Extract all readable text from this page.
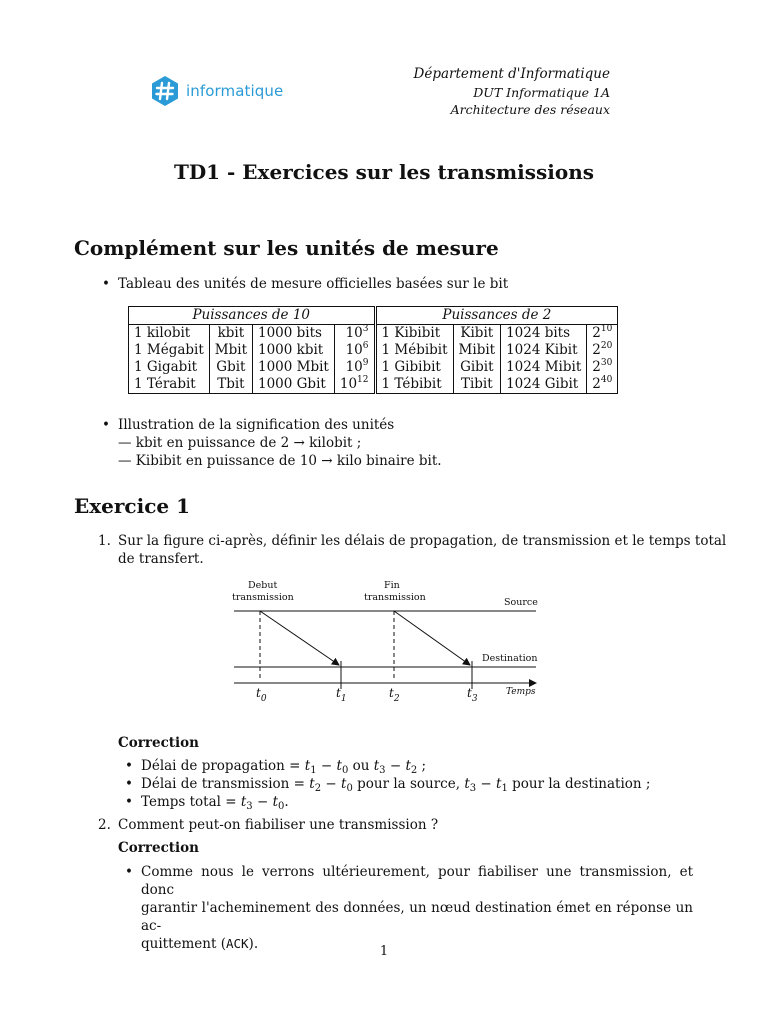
informatique
Département d'Informatique
DUT Informatique 1A
Architecture des réseaux
TD1 - Exercices sur les transmissions
Complément sur les unités de mesure
• Tableau des unités de mesure officielles basées sur le bit
Puissances de 10				Puissances de 2			
1 kilobit	kbit	1000 bits	$10^3$	1 Kibibit	Kibit	1024 bits	$2^{10}$
1 Mégabit	Mbit	1000 kbit	$10^6$	1 Mébibit	Mibit	1024 Kibit	$2^{20}$
1 Gigabit	Gbit	1000 Mbit	$10^9$	1 Gibibit	Gibit	1024 Mibit	$2^{30}$
1 Térabit	Tbit	1000 Gbit	$10^{12}$	1 Tébibit	Tibit	1024 Gibit	$2^{40}$
• Illustration de la signification des unités
— kbit en puissance de 2 → kilobit ;
— Kibibit en puissance de 10 → kilo binaire bit.
Exercice 1
1. Sur la figure ci-après, définir les délais de propagation, de transmission et le temps total
de transfert.
Debut
transmission
Fin
transmission	Source
Destination
$t_0$	$t_1$	$t_2$	$t_3$
Temps
Correction
• Délai de propagation = $t_1 - t_0$ ou $t_3 - t_2$ ;
• Délai de transmission = $t_2 - t_0$ pour la source, $t_3 - t_1$ pour la destination ;
• Temps total = $t_3 - t_0$.
2. Comment peut-on fiabiliser une transmission ?
Correction
• Comme nous le verrons ultérieurement, pour fiabiliser une transmission, et donc
garantir l'acheminement des données, un nœud destination émet en réponse un ac-
quittement (ACK).	1
